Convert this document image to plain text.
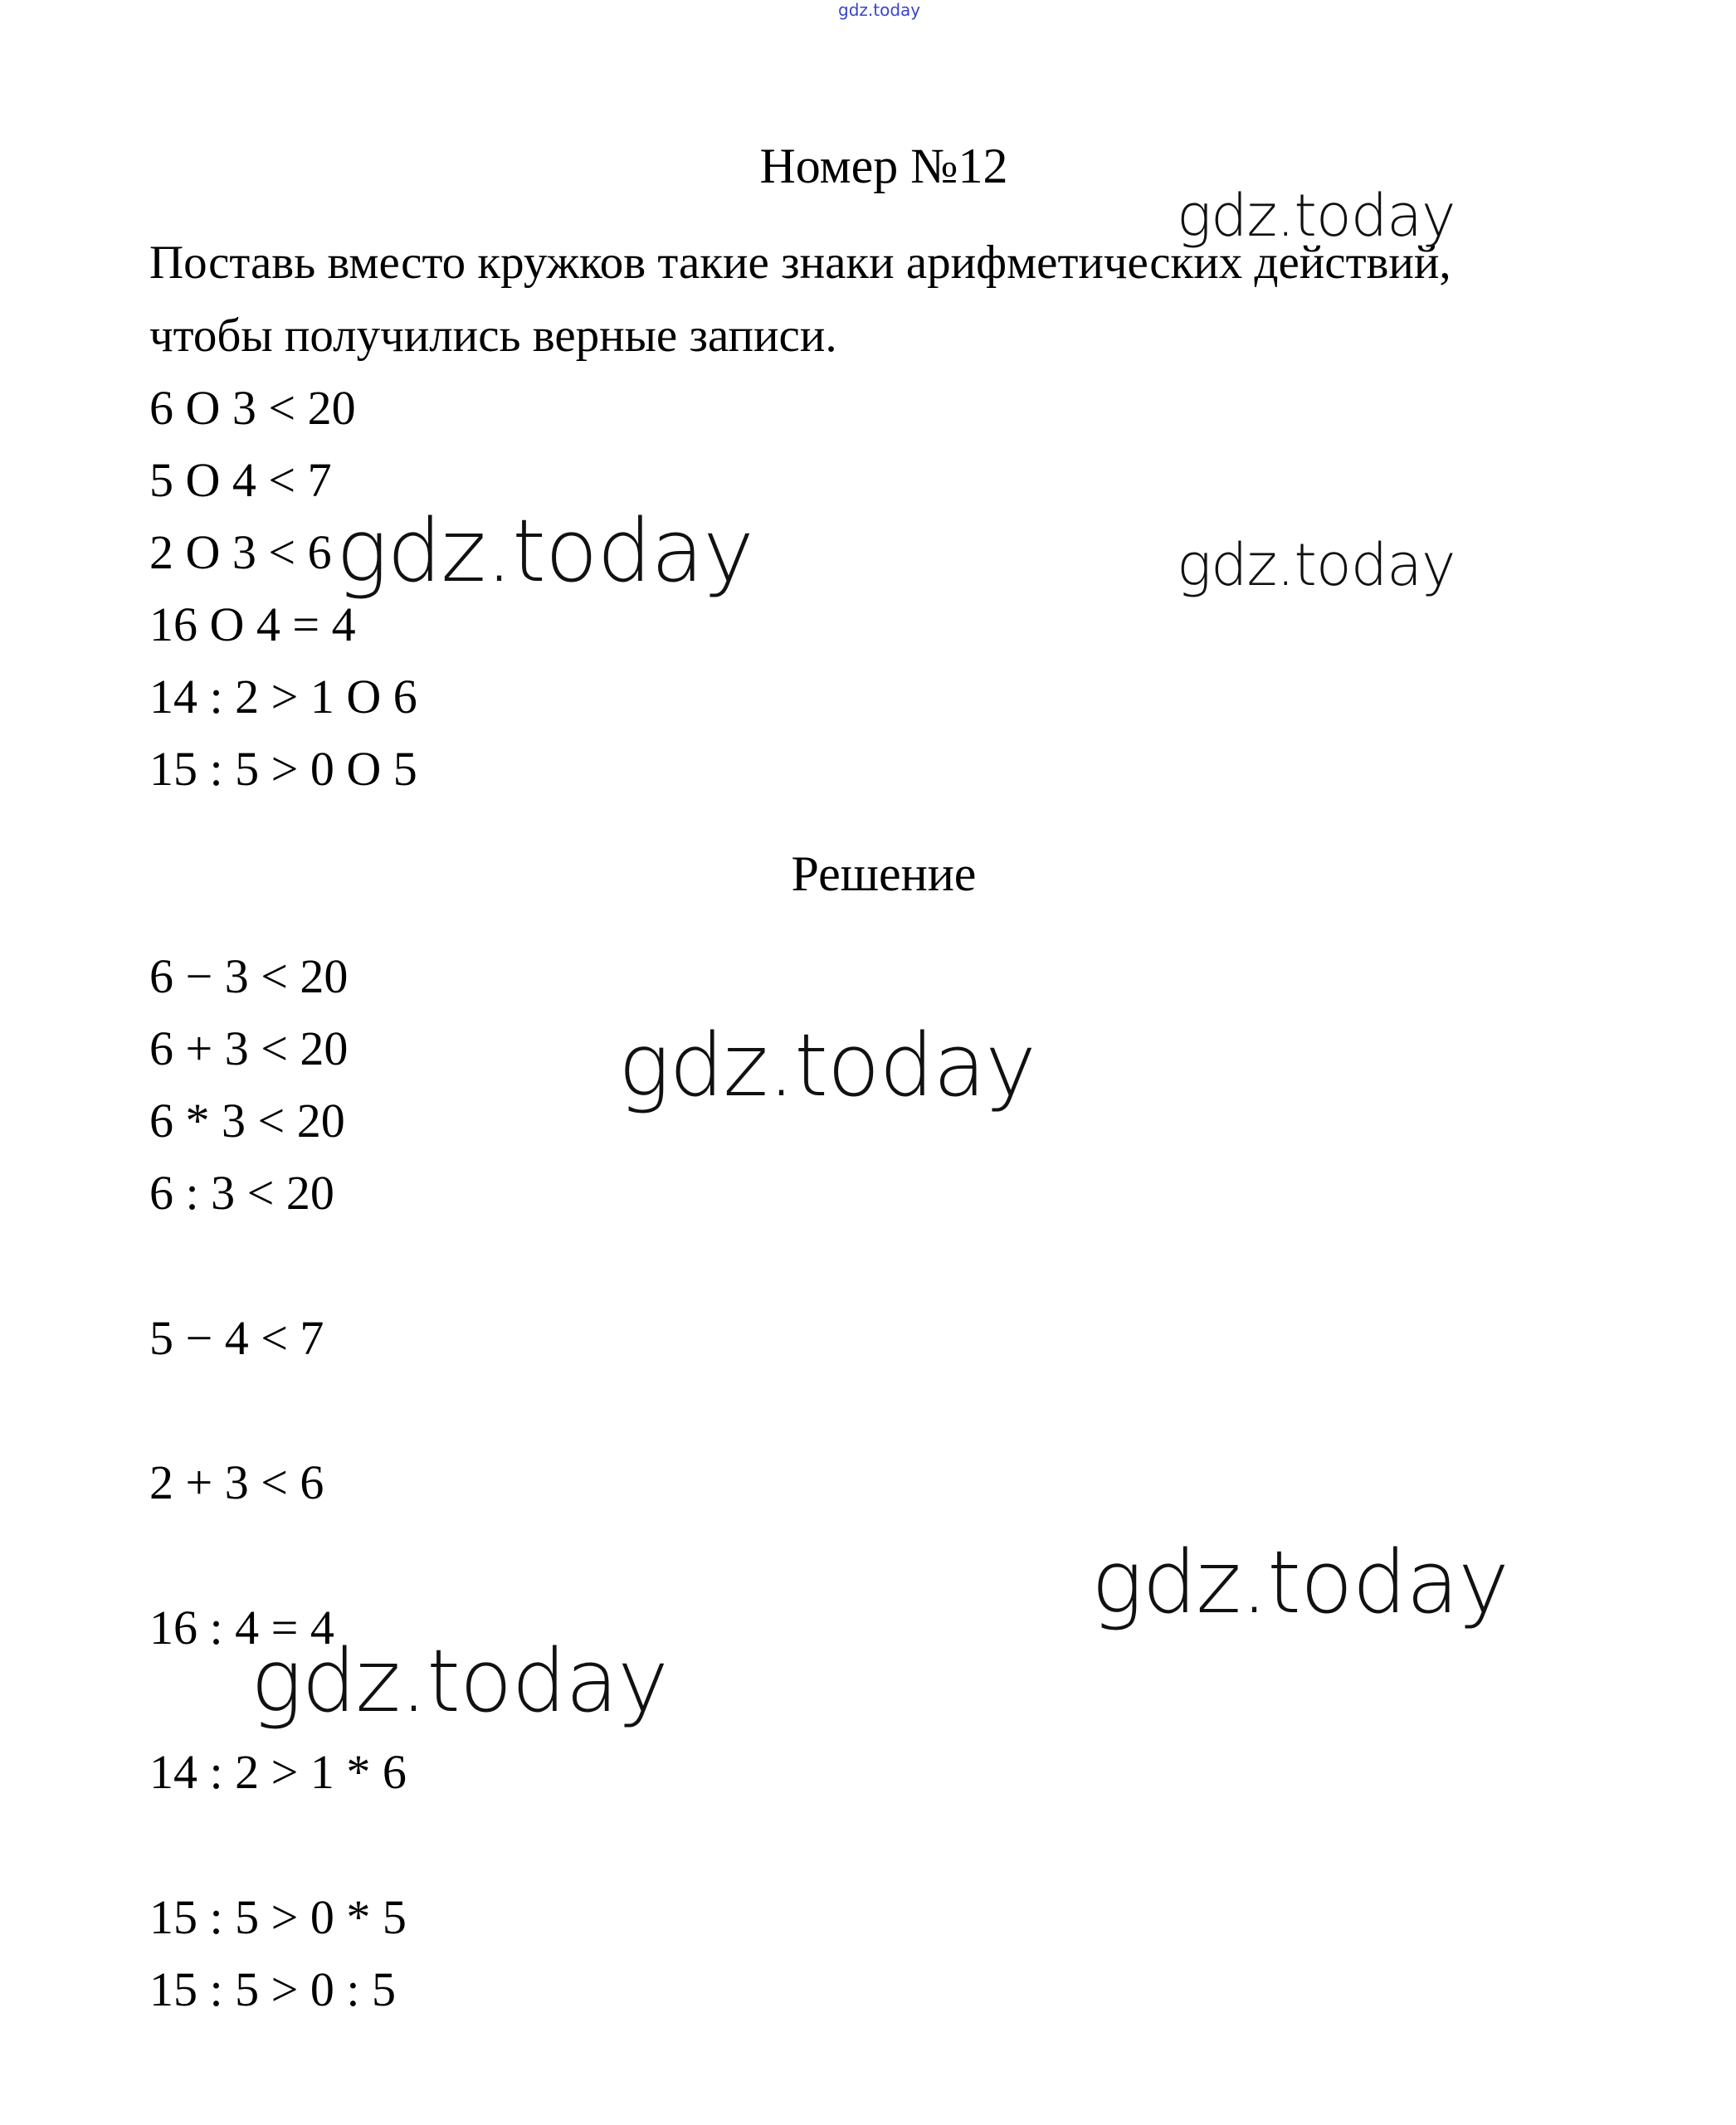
gdz.today
Номер №12
Поставь вместо кружков такие знаки арифметических действий,
чтобы получились верные записи.
6 O 3 < 20
5 O 4 < 7
2 O 3 < 6
16 O 4 = 4
14 : 2 > 1 O 6
15 : 5 > 0 O 5
Решение
6 − 3 < 20
6 + 3 < 20
6 * 3 < 20
6 : 3 < 20
5 − 4 < 7
2 + 3 < 6
16 : 4 = 4
14 : 2 > 1 * 6
15 : 5 > 0 * 5
15 : 5 > 0 : 5
gdz.today
gdz.today	gdz.today
gdz.today
gdz.today
gdz.today
